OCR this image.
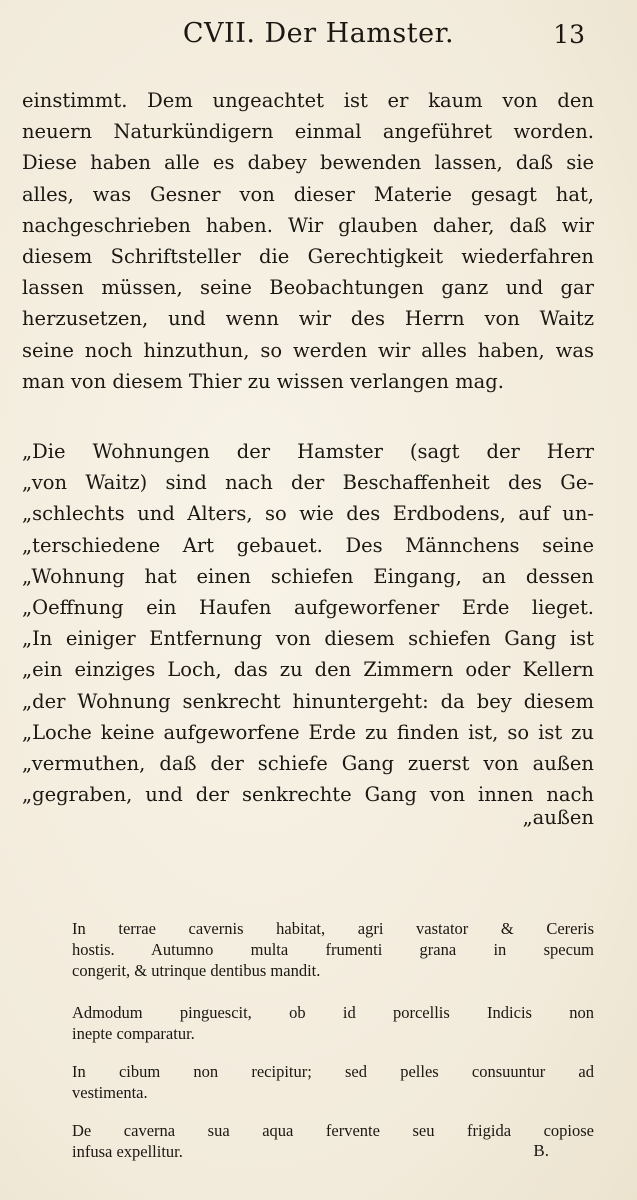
CVII. Der Hamster.	13
einstimmt. Dem ungeachtet ist er kaum von den
neuern Naturkündigern einmal angeführet worden.
Diese haben alle es dabey bewenden lassen, daß sie
alles, was Gesner von dieser Materie gesagt hat,
nachgeschrieben haben. Wir glauben daher, daß wir
diesem Schriftsteller die Gerechtigkeit wiederfahren
lassen müssen, seine Beobachtungen ganz und gar
herzusetzen, und wenn wir des Herrn von Waitz
seine noch hinzuthun, so werden wir alles haben, was
man von diesem Thier zu wissen verlangen mag.
„Die Wohnungen der Hamster (sagt der Herr
„von Waitz) sind nach der Beschaffenheit des Ge-
„schlechts und Alters, so wie des Erdbodens, auf un-
„terschiedene Art gebauet. Des Männchens seine
„Wohnung hat einen schiefen Eingang, an dessen
„Oeffnung ein Haufen aufgeworfener Erde lieget.
„In einiger Entfernung von diesem schiefen Gang ist
„ein einziges Loch, das zu den Zimmern oder Kellern
„der Wohnung senkrecht hinuntergeht: da bey diesem
„Loche keine aufgeworfene Erde zu finden ist, so ist zu
„vermuthen, daß der schiefe Gang zuerst von außen
„gegraben, und der senkrechte Gang von innen nach
„außen
In terrae cavernis habitat, agri vastator & Cereris
hostis. Autumno multa frumenti grana in specum
congerit, & utrinque dentibus mandit.
Admodum pinguescit, ob id porcellis Indicis non
inepte comparatur.
In cibum non recipitur; sed pelles consuuntur ad
vestimenta.
De caverna sua aqua fervente seu frigida copiose
infusa expellitur.	B.
